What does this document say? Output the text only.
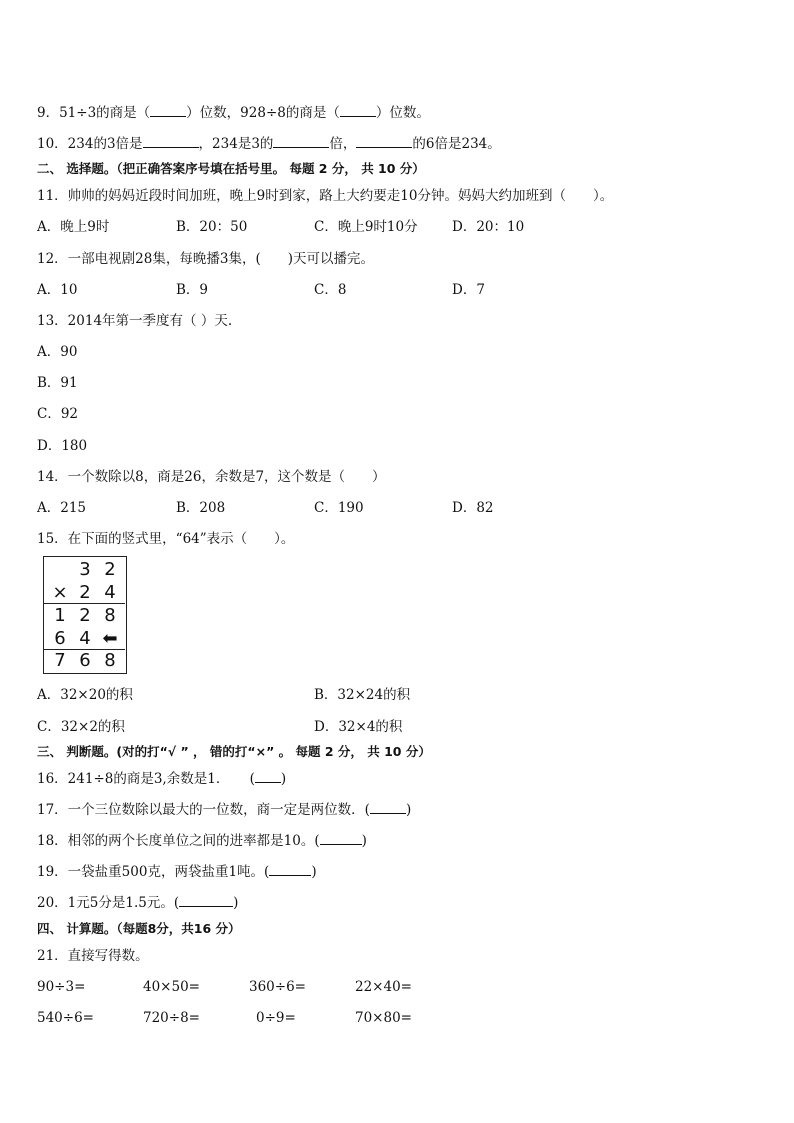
9．51÷3的商是（	）位数，928÷8的商是（	）位数。
10．234的3倍是	，234是3的	倍，	的6倍是234。
二、 选择题。（把正确答案序号填在括号里。 每题 2 分， 共 10 分）
11．帅帅的妈妈近段时间加班，晚上9时到家，路上大约要走10分钟。妈妈大约加班到（　　）。
A．晚上9时	B．20：50	C．晚上9时10分	D．20：10
12．一部电视剧28集，每晚播3集，(　　)天可以播完。
A．10	B．9	C．8	D．7
13．2014年第一季度有（ ）天.
A．90
B．91
C．92
D．180
14．一个数除以8，商是26，余数是7，这个数是（　　）
A．215	B．208	C．190	D．82
15．在下面的竖式里，“64”表示（　　）。
3 2
× 2 4
1 2 8
6 4 ⬅
7 6 8
A．32×20的积	B．32×24的积
C．32×2的积	D．32×4的积
三、 判断题。(对的打“√ ” ， 错的打“×” 。 每题 2 分， 共 10 分）
16．241÷8的商是3,余数是1．　　( )
17．一个三位数除以最大的一位数，商一定是两位数．(	)
18．相邻的两个长度单位之间的进率都是10。(	)
19．一袋盐重500克，两袋盐重1吨。(	)
20．1元5分是1.5元。(	)
四、 计算题。（每题8分，共16 分）
21．直接写得数。
90÷3=	40×50=	360÷6=	22×40=
540÷6=	720÷8=	0÷9=	70×80=
